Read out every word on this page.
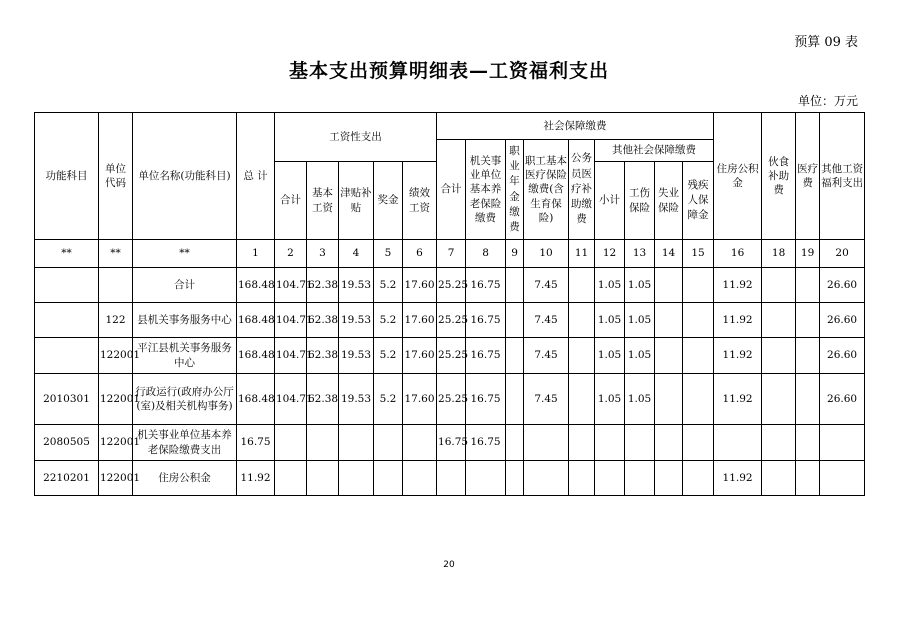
预算 09 表
基本支出预算明细表—工资福利支出
单位：万元
功能科目	单位代码	单位名称(功能科目)	总 计	工资性支出					社会保障缴费									住房公积金	伙食补助费	医疗费	其他工资福利支出
									合计	机关事业单位基本养老保险缴费	职业年金缴费	职工基本医疗保险缴费(含生育保险)	公务员医疗补助缴费	其他社会保障缴费							
				合计	基本工资	津贴补贴	奖金	绩效工资						小计	工伤保险	失业保险	残疾人保障金				
**	**	**	1	2	3	4	5	6	7	8	9	10	11	12	13	14	15	16	18	19	20
		合计	168.48	104.71	62.38	19.53	5.2	17.60	25.25	16.75		7.45		1.05	1.05			11.92			26.60
	122	县机关事务服务中心	168.48	104.71	62.38	19.53	5.2	17.60	25.25	16.75		7.45		1.05	1.05			11.92			26.60
	122001	平江县机关事务服务中心	168.48	104.71	62.38	19.53	5.2	17.60	25.25	16.75		7.45		1.05	1.05			11.92			26.60
2010301	122001	行政运行(政府办公厅(室)及相关机构事务)	168.48	104.71	62.38	19.53	5.2	17.60	25.25	16.75		7.45		1.05	1.05			11.92			26.60
2080505	122001	机关事业单位基本养老保险缴费支出	16.75						16.75	16.75											
2210201	122001	住房公积金	11.92															11.92			
20
